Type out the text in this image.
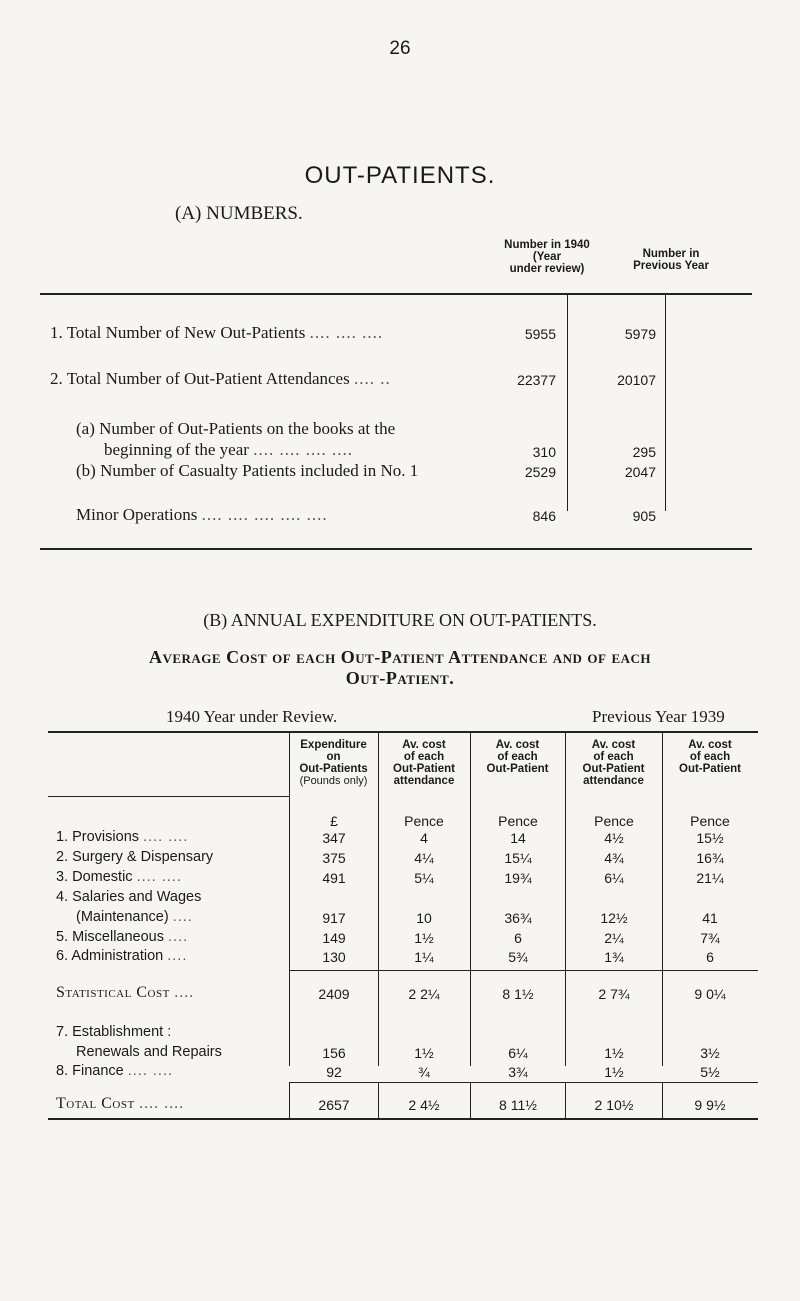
26
OUT-PATIENTS.
(A) NUMBERS.
Number in 1940
(Year
under review)
Number in
Previous Year
1. Total Number of New Out-Patients .... .... ....	5955	5979
2. Total Number of Out-Patient Attendances .... ..	22377	20107
(a) Number of Out-Patients on the books at the
beginning of the year .... .... .... ....	310	295
(b) Number of Casualty Patients included in No. 1	2529	2047
Minor Operations .... .... .... .... ....	846	905
(B) ANNUAL EXPENDITURE ON OUT-PATIENTS.
Average Cost of each Out-Patient Attendance and of each
Out-Patient.
1940 Year under Review.	Previous Year 1939
Expenditure
on
Out-Patients
(Pounds only)
Av. cost
of each
Out-Patient
attendance
Av. cost
of each
Out-Patient
Av. cost
of each
Out-Patient
attendance
Av. cost
of each
Out-Patient
£	Pence	Pence	Pence	Pence
1. Provisions .... ....	347	4	14	4½	15½
2. Surgery & Dispensary	375	4¼	15¼	4¾	16¾
3. Domestic .... ....	491	5¼	19¾	6¼	21¼
4. Salaries and Wages
(Maintenance) ....	917	10	36¾	12½	41
5. Miscellaneous ....	149	1½	6	2¼	7¾
6. Administration ....	130	1¼	5¾	1¾	6
Statistical Cost ....	2409	2 2¼	8 1½	2 7¾	9 0¼
7. Establishment :
Renewals and Repairs	156	1½	6¼	1½	3½
8. Finance .... ....	92	¾	3¾	1½	5½
Total Cost .... ....	2657	2 4½	8 11½	2 10½	9 9½
